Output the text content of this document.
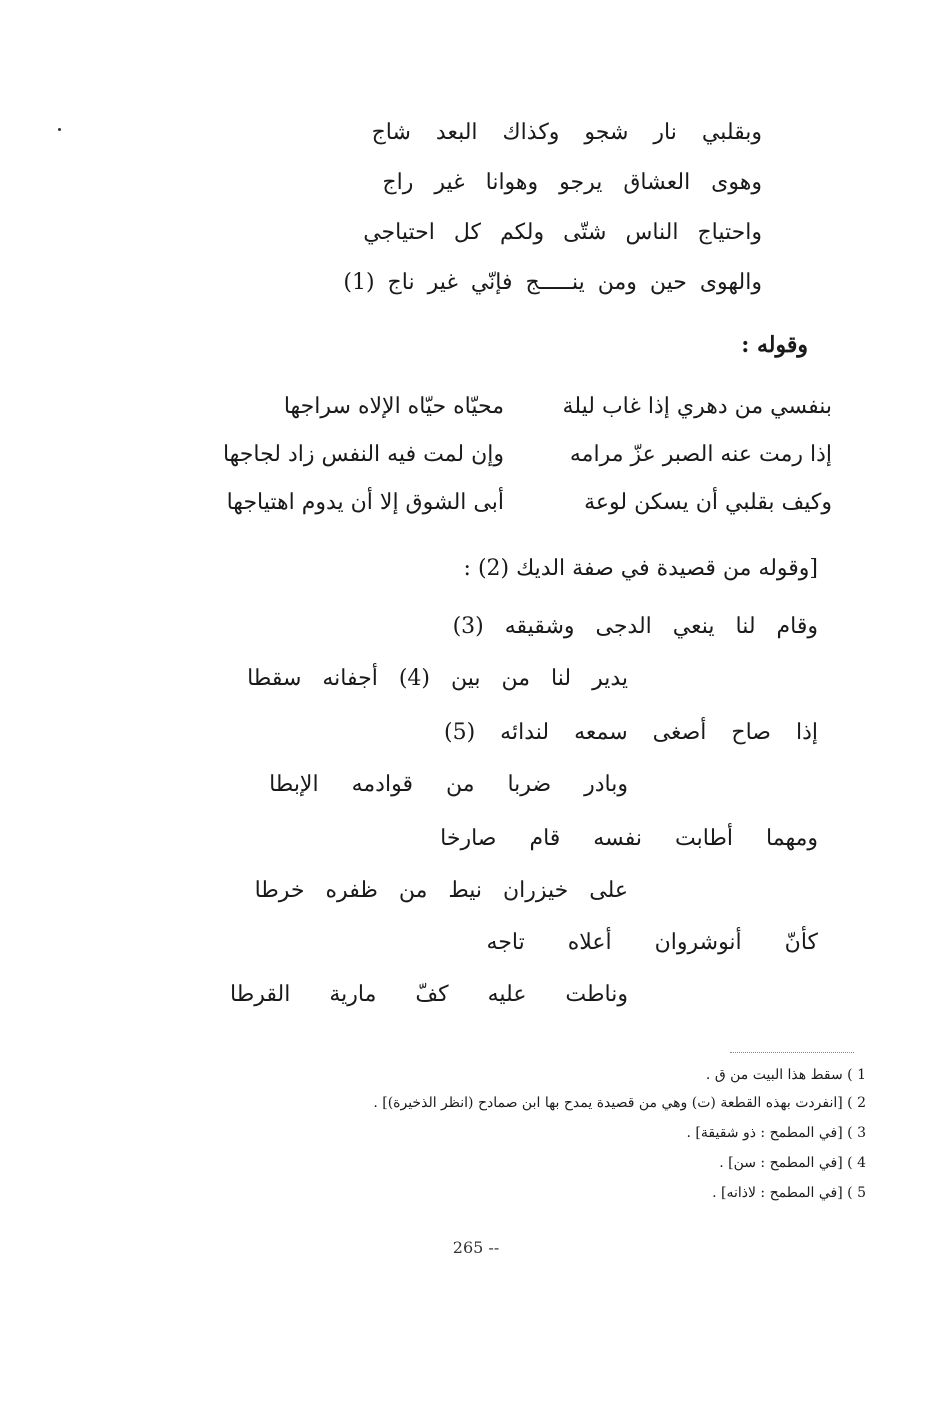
وبقلبي نار شجو وكذاك البعد شاج
وهوى العشاق يرجو وهوانا غير راج
واحتياج الناس شتّى ولكم كل احتياجي
والهوى حين ومن ينـــــج فإنّي غير ناج (1)
وقوله :
بنفسي من دهري إذا غاب ليلة
محيّاه حيّاه الإلاه سراجها
إذا رمت عنه الصبر عزّ مرامه
وإن لمت فيه النفس زاد لجاجها
وكيف بقلبي أن يسكن لوعة
أبى الشوق إلا أن يدوم اهتياجها
[وقوله من قصيدة في صفة الديك (2) :
وقام لنا ينعي الدجى وشقيقه (3)
يدير لنا من بين (4) أجفانه سقطا
إذا صاح أصغى سمعه لندائه (5)
وبادر ضربا من قوادمه الإبطا
ومهما أطابت نفسه قام صارخا
على خيزران نيط من ظفره خرطا
كأنّ أنوشروان أعلاه تاجه
وناطت عليه كفّ مارية القرطا
1 ) سقط هذا البيت من ق .
2 ) [انفردت بهذه القطعة (ت) وهي من قصيدة يمدح بها ابن صمادح (انظر الذخيرة)] .
3 ) [في المطمح : ذو شقيقة] .
4 ) [في المطمح : سن] .
5 ) [في المطمح : لاذانه] .
265 --
